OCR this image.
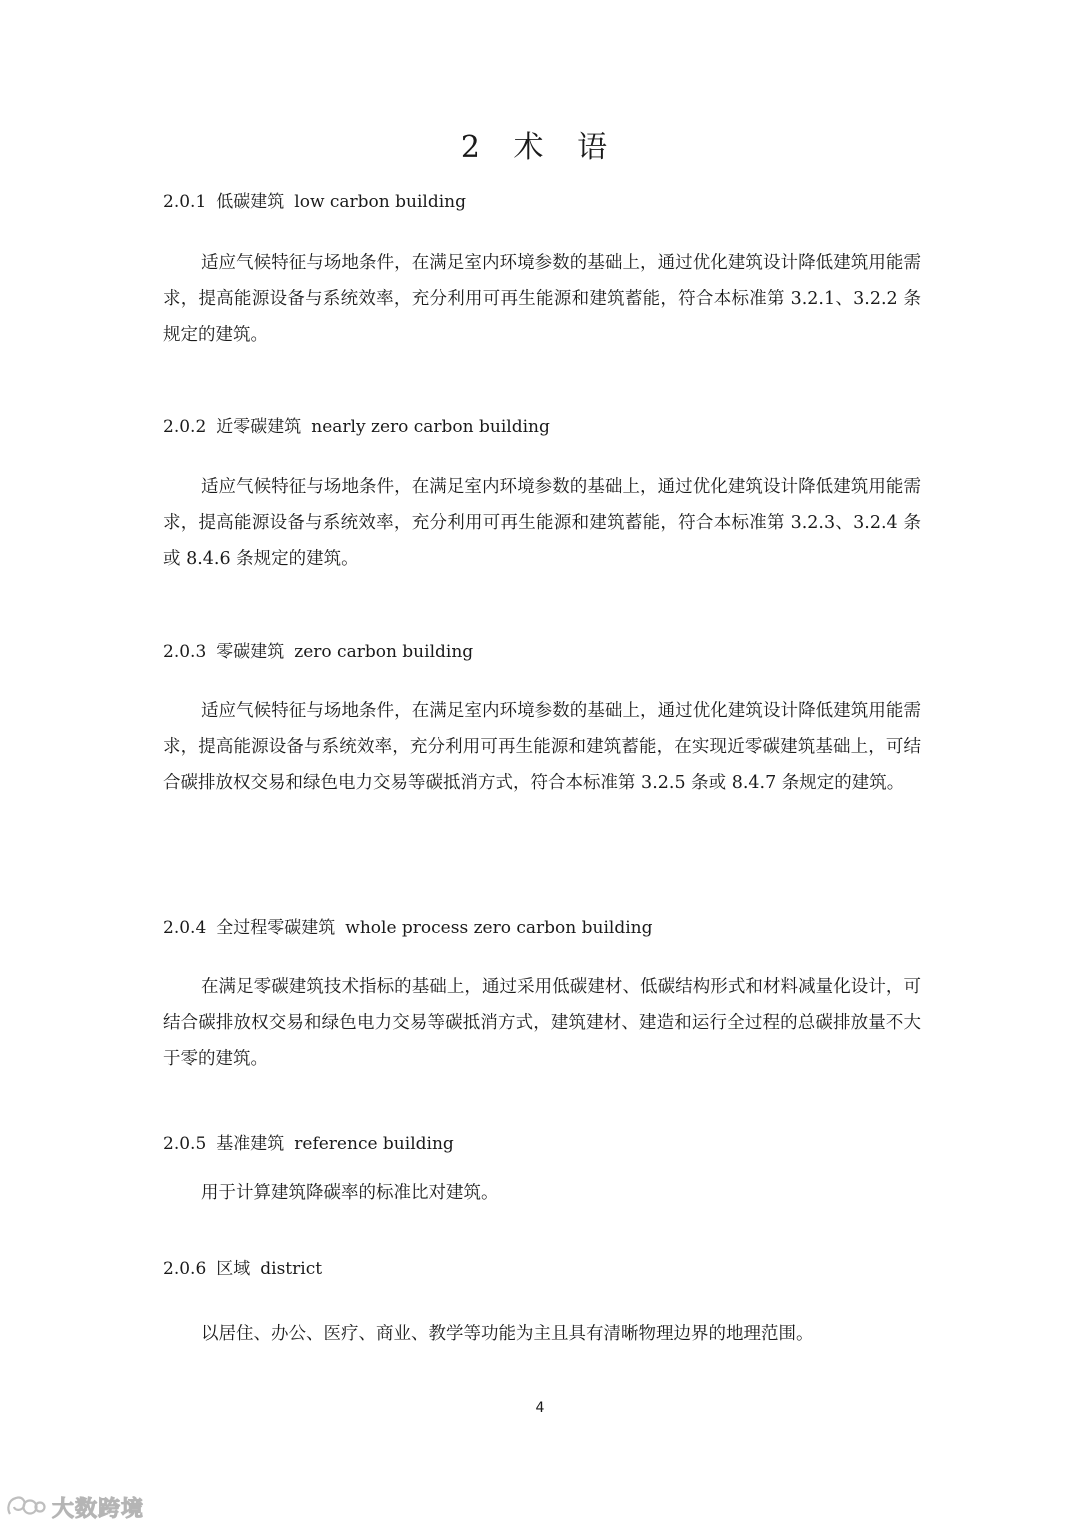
2 术 语
2.0.1 低碳建筑 low carbon building
适应气候特征与场地条件，在满足室内环境参数的基础上，通过优化建筑设计降低建筑用能需求，提高能源设备与系统效率，充分利用可再生能源和建筑蓄能，符合本标准第 3.2.1、3.2.2 条规定的建筑。
2.0.2 近零碳建筑 nearly zero carbon building
适应气候特征与场地条件，在满足室内环境参数的基础上，通过优化建筑设计降低建筑用能需求，提高能源设备与系统效率，充分利用可再生能源和建筑蓄能，符合本标准第 3.2.3、3.2.4 条或 8.4.6 条规定的建筑。
2.0.3 零碳建筑 zero carbon building
适应气候特征与场地条件，在满足室内环境参数的基础上，通过优化建筑设计降低建筑用能需求，提高能源设备与系统效率，充分利用可再生能源和建筑蓄能，在实现近零碳建筑基础上，可结合碳排放权交易和绿色电力交易等碳抵消方式，符合本标准第 3.2.5 条或 8.4.7 条规定的建筑。
2.0.4 全过程零碳建筑 whole process zero carbon building
在满足零碳建筑技术指标的基础上，通过采用低碳建材、低碳结构形式和材料减量化设计，可结合碳排放权交易和绿色电力交易等碳抵消方式，建筑建材、建造和运行全过程的总碳排放量不大于零的建筑。
2.0.5 基准建筑 reference building
用于计算建筑降碳率的标准比对建筑。
2.0.6 区域 district
以居住、办公、医疗、商业、教学等功能为主且具有清晰物理边界的地理范围。
4
大数跨境
